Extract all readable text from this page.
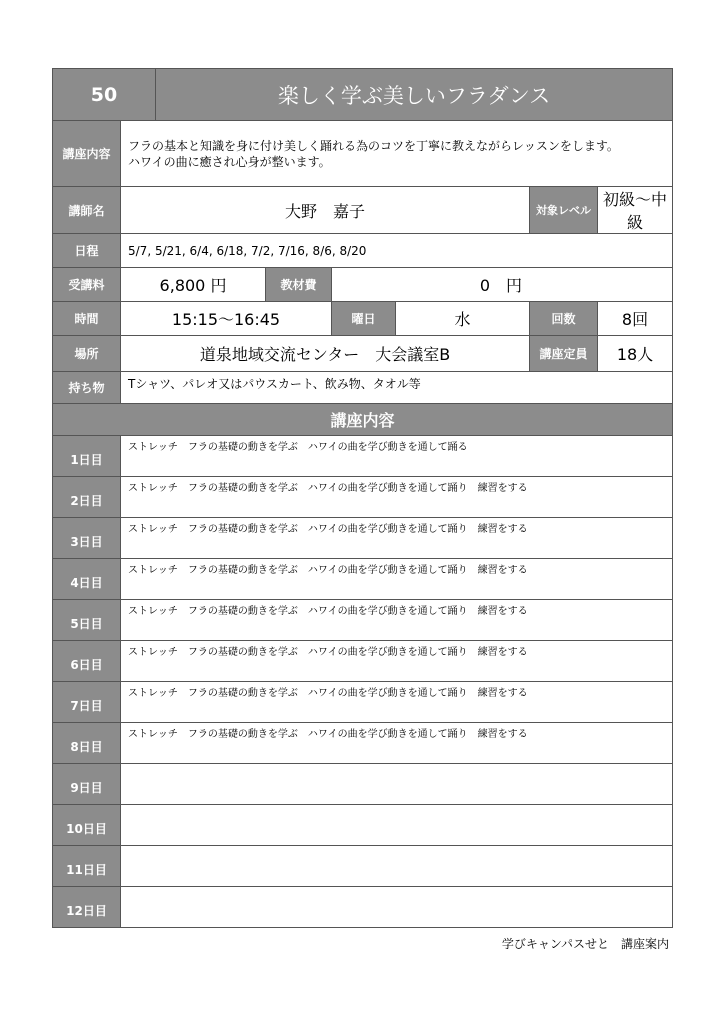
50		楽しく学ぶ美しいフラダンス					
講座内容	フラの基本と知識を身に付け美しく踊れる為のコツを丁寧に教えながらレッスンをします。
ハワイの曲に癒され心身が整います。						

講師名	大野　嘉子					対象レベル	初級～中級
日程	5/7, 5/21, 6/4, 6/18, 7/2, 7/16, 8/6, 8/20						
受講料	6,800 円		教材費	0　円			
時間	15:15～16:45			曜日	水	回数	8回
場所	道泉地域交流センター　大会議室B					講座定員	18人
持ち物	Tシャツ、パレオ又はパウスカート、飲み物、タオル等						
講座内容							
1日目	ストレッチ　フラの基礎の動きを学ぶ　ハワイの曲を学び動きを通して踊る						
2日目	ストレッチ　フラの基礎の動きを学ぶ　ハワイの曲を学び動きを通して踊り　練習をする						
3日目	ストレッチ　フラの基礎の動きを学ぶ　ハワイの曲を学び動きを通して踊り　練習をする						
4日目	ストレッチ　フラの基礎の動きを学ぶ　ハワイの曲を学び動きを通して踊り　練習をする						
5日目	ストレッチ　フラの基礎の動きを学ぶ　ハワイの曲を学び動きを通して踊り　練習をする						
6日目	ストレッチ　フラの基礎の動きを学ぶ　ハワイの曲を学び動きを通して踊り　練習をする						
7日目	ストレッチ　フラの基礎の動きを学ぶ　ハワイの曲を学び動きを通して踊り　練習をする						
8日目	ストレッチ　フラの基礎の動きを学ぶ　ハワイの曲を学び動きを通して踊り　練習をする						
9日目							
10日目							
11日目							
12日目							
学びキャンパスせと　講座案内
